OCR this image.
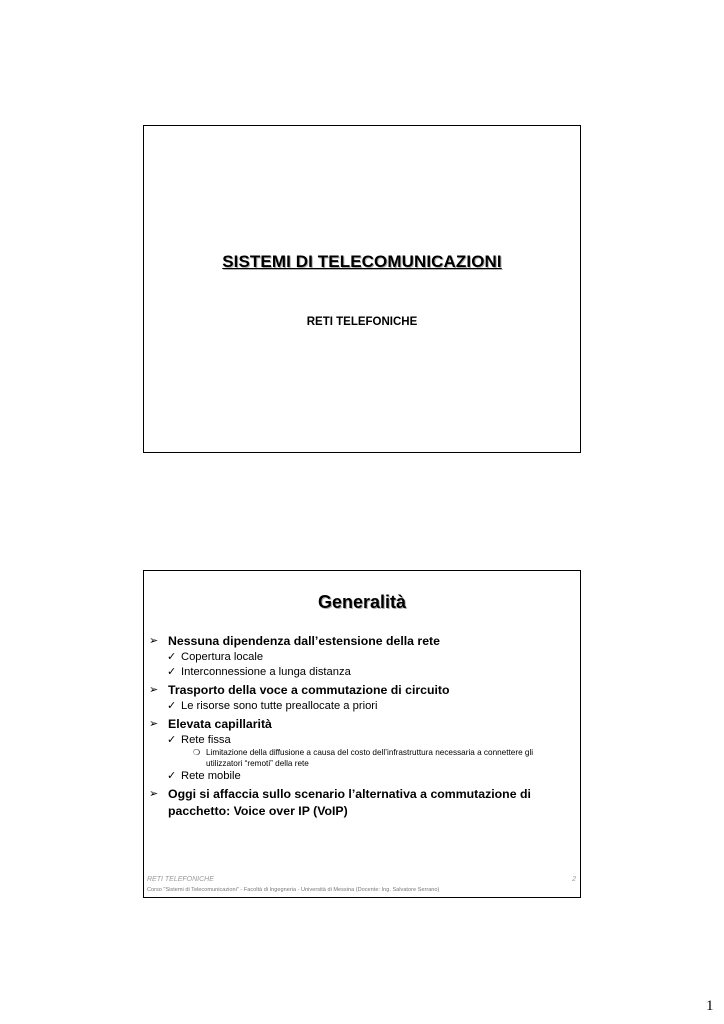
SISTEMI DI TELECOMUNICAZIONI
RETI TELEFONICHE
Generalità
➢ Nessuna dipendenza dall’estensione della rete
✓ Copertura locale
✓ Interconnessione a lunga distanza
➢ Trasporto della voce a commutazione di circuito
✓ Le risorse sono tutte preallocate a priori
➢ Elevata capillarità
✓ Rete fissa
❍ Limitazione della diffusione a causa del costo dell’infrastruttura necessaria a connettere gli utilizzatori “remoti” della rete
✓ Rete mobile
➢ Oggi si affaccia sullo scenario l’alternativa a commutazione di pacchetto: Voice over IP (VoIP)
RETI TELEFONICHE	2
Corso "Sistemi di Telecomunicazioni" - Facoltà di Ingegneria - Università di Messina (Docente: Ing. Salvatore Serrano)
1
